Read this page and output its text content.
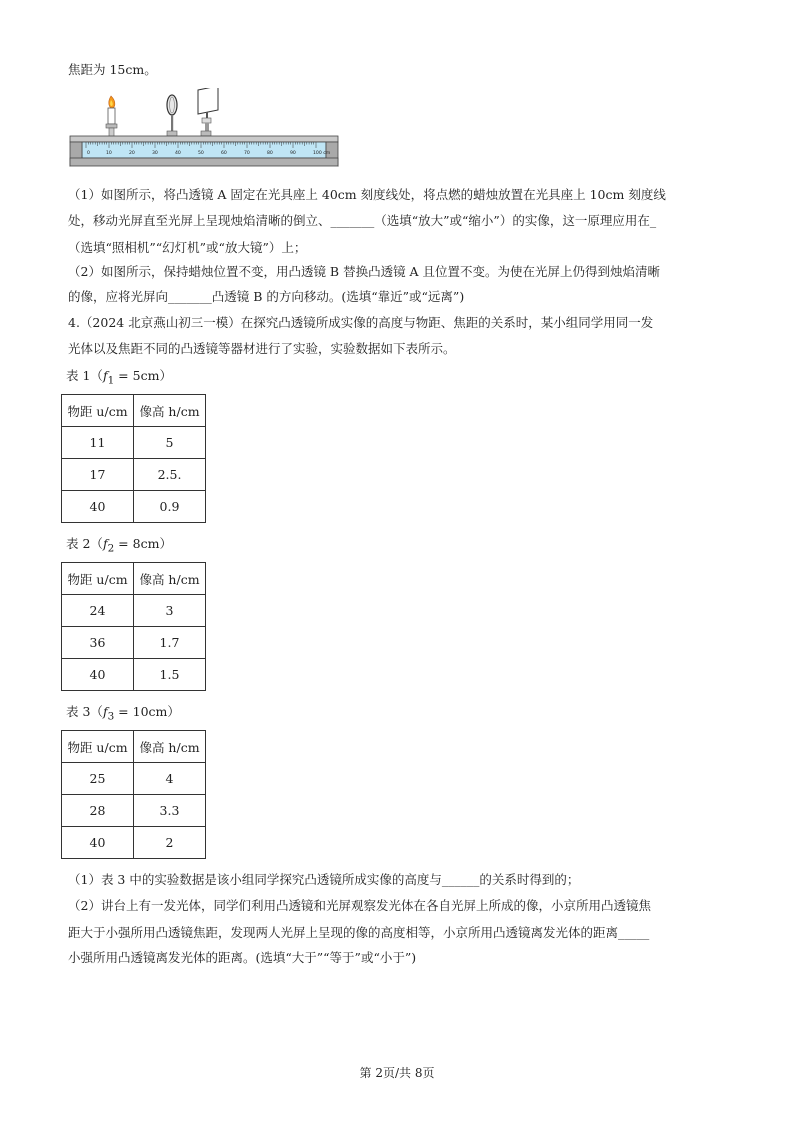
焦距为 15cm。
0	10	20	30	40	50	60	70	80	90	100 cm
（1）如图所示，将凸透镜 A 固定在光具座上 40cm 刻度线处，将点燃的蜡烛放置在光具座上 10cm 刻度线
处，移动光屏直至光屏上呈现烛焰清晰的倒立、_______（选填“放大”或“缩小”）的实像，这一原理应用在_
（选填“照相机”“幻灯机”或“放大镜”）上；
（2）如图所示，保持蜡烛位置不变，用凸透镜 B 替换凸透镜 A 且位置不变。为使在光屏上仍得到烛焰清晰
的像，应将光屏向_______凸透镜 B 的方向移动。(选填“靠近”或“远离”)
4.（2024 北京燕山初三一模）在探究凸透镜所成实像的高度与物距、焦距的关系时，某小组同学用同一发
光体以及焦距不同的凸透镜等器材进行了实验，实验数据如下表所示。
表 $1(f_1 = 5cm)$
物距 u/cm	像高 h/cm
11	5
17	2.5.
40	0.9
表 $2(f_2 = 8cm)$
物距 u/cm	像高 h/cm
24	3
36	1.7
40	1.5
表 $3(f_3 = 10cm)$
物距 u/cm	像高 h/cm
25	4
28	3.3
40	2
（1）表 3 中的实验数据是该小组同学探究凸透镜所成实像的高度与______的关系时得到的；
（2）讲台上有一发光体，同学们利用凸透镜和光屏观察发光体在各自光屏上所成的像，小京所用凸透镜焦
距大于小强所用凸透镜焦距，发现两人光屏上呈现的像的高度相等，小京所用凸透镜离发光体的距离_____
小强所用凸透镜离发光体的距离。(选填“大于”“等于”或“小于”)
第 2页/共 8页
